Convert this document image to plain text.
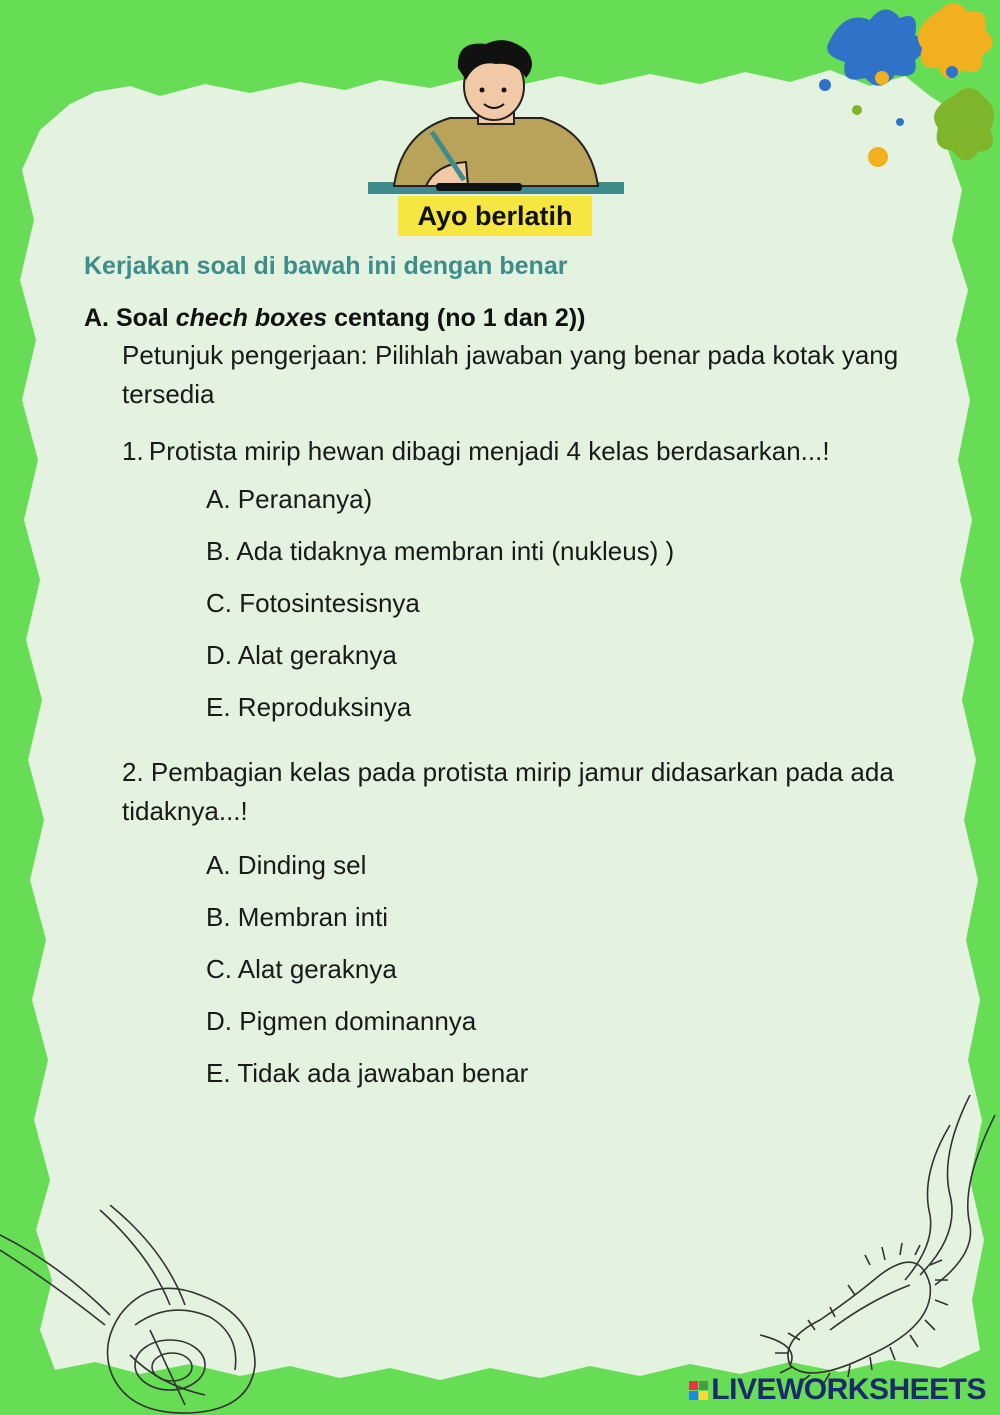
Ayo berlatih
Kerjakan soal di bawah ini dengan benar
A. Soal chech boxes centang (no 1 dan 2))
Petunjuk pengerjaan: Pilihlah jawaban yang benar pada kotak yang tersedia
1. Protista mirip hewan dibagi menjadi 4 kelas berdasarkan...!
A. Perananya)
B. Ada tidaknya membran inti (nukleus) )
C. Fotosintesisnya
D. Alat geraknya
E. Reproduksinya
2. Pembagian kelas pada protista mirip jamur didasarkan pada ada tidaknya...!
A. Dinding sel
B. Membran inti
C. Alat geraknya
D. Pigmen dominannya
E. Tidak ada jawaban benar
LIVEWORKSHEETS
